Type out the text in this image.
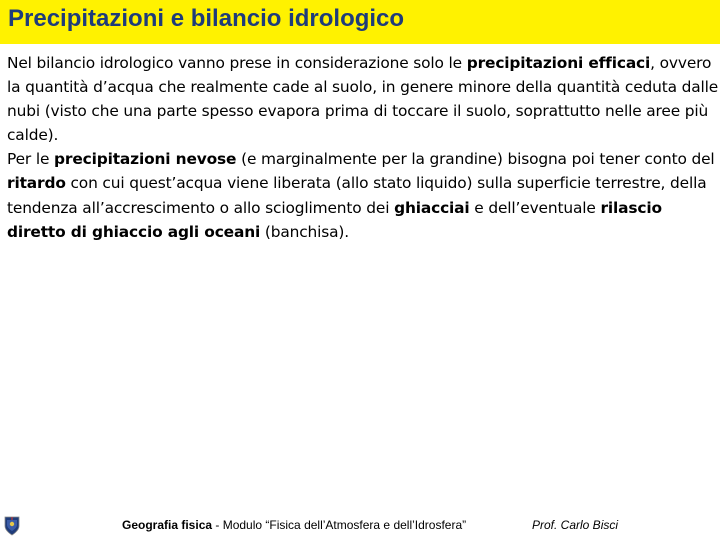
Precipitazioni e bilancio idrologico

Nel bilancio idrologico vanno prese in considerazione solo le precipitazioni efficaci, ovvero la quantità d’acqua che realmente cade al suolo, in genere minore della quantità ceduta dalle nubi (visto che una parte spesso evapora prima di toccare il suolo, soprattutto nelle aree più calde).

Per le precipitazioni nevose (e marginalmente per la grandine) bisogna poi tener conto del ritardo con cui quest’acqua viene liberata (allo stato liquido) sulla superficie terrestre, della tendenza all’accrescimento o allo scioglimento dei ghiacciai e dell’eventuale rilascio diretto di ghiaccio agli oceani (banchisa).

Geografia fisica - Modulo “Fisica dell’Atmosfera e dell’Idrosfera”	Prof. Carlo Bisci
